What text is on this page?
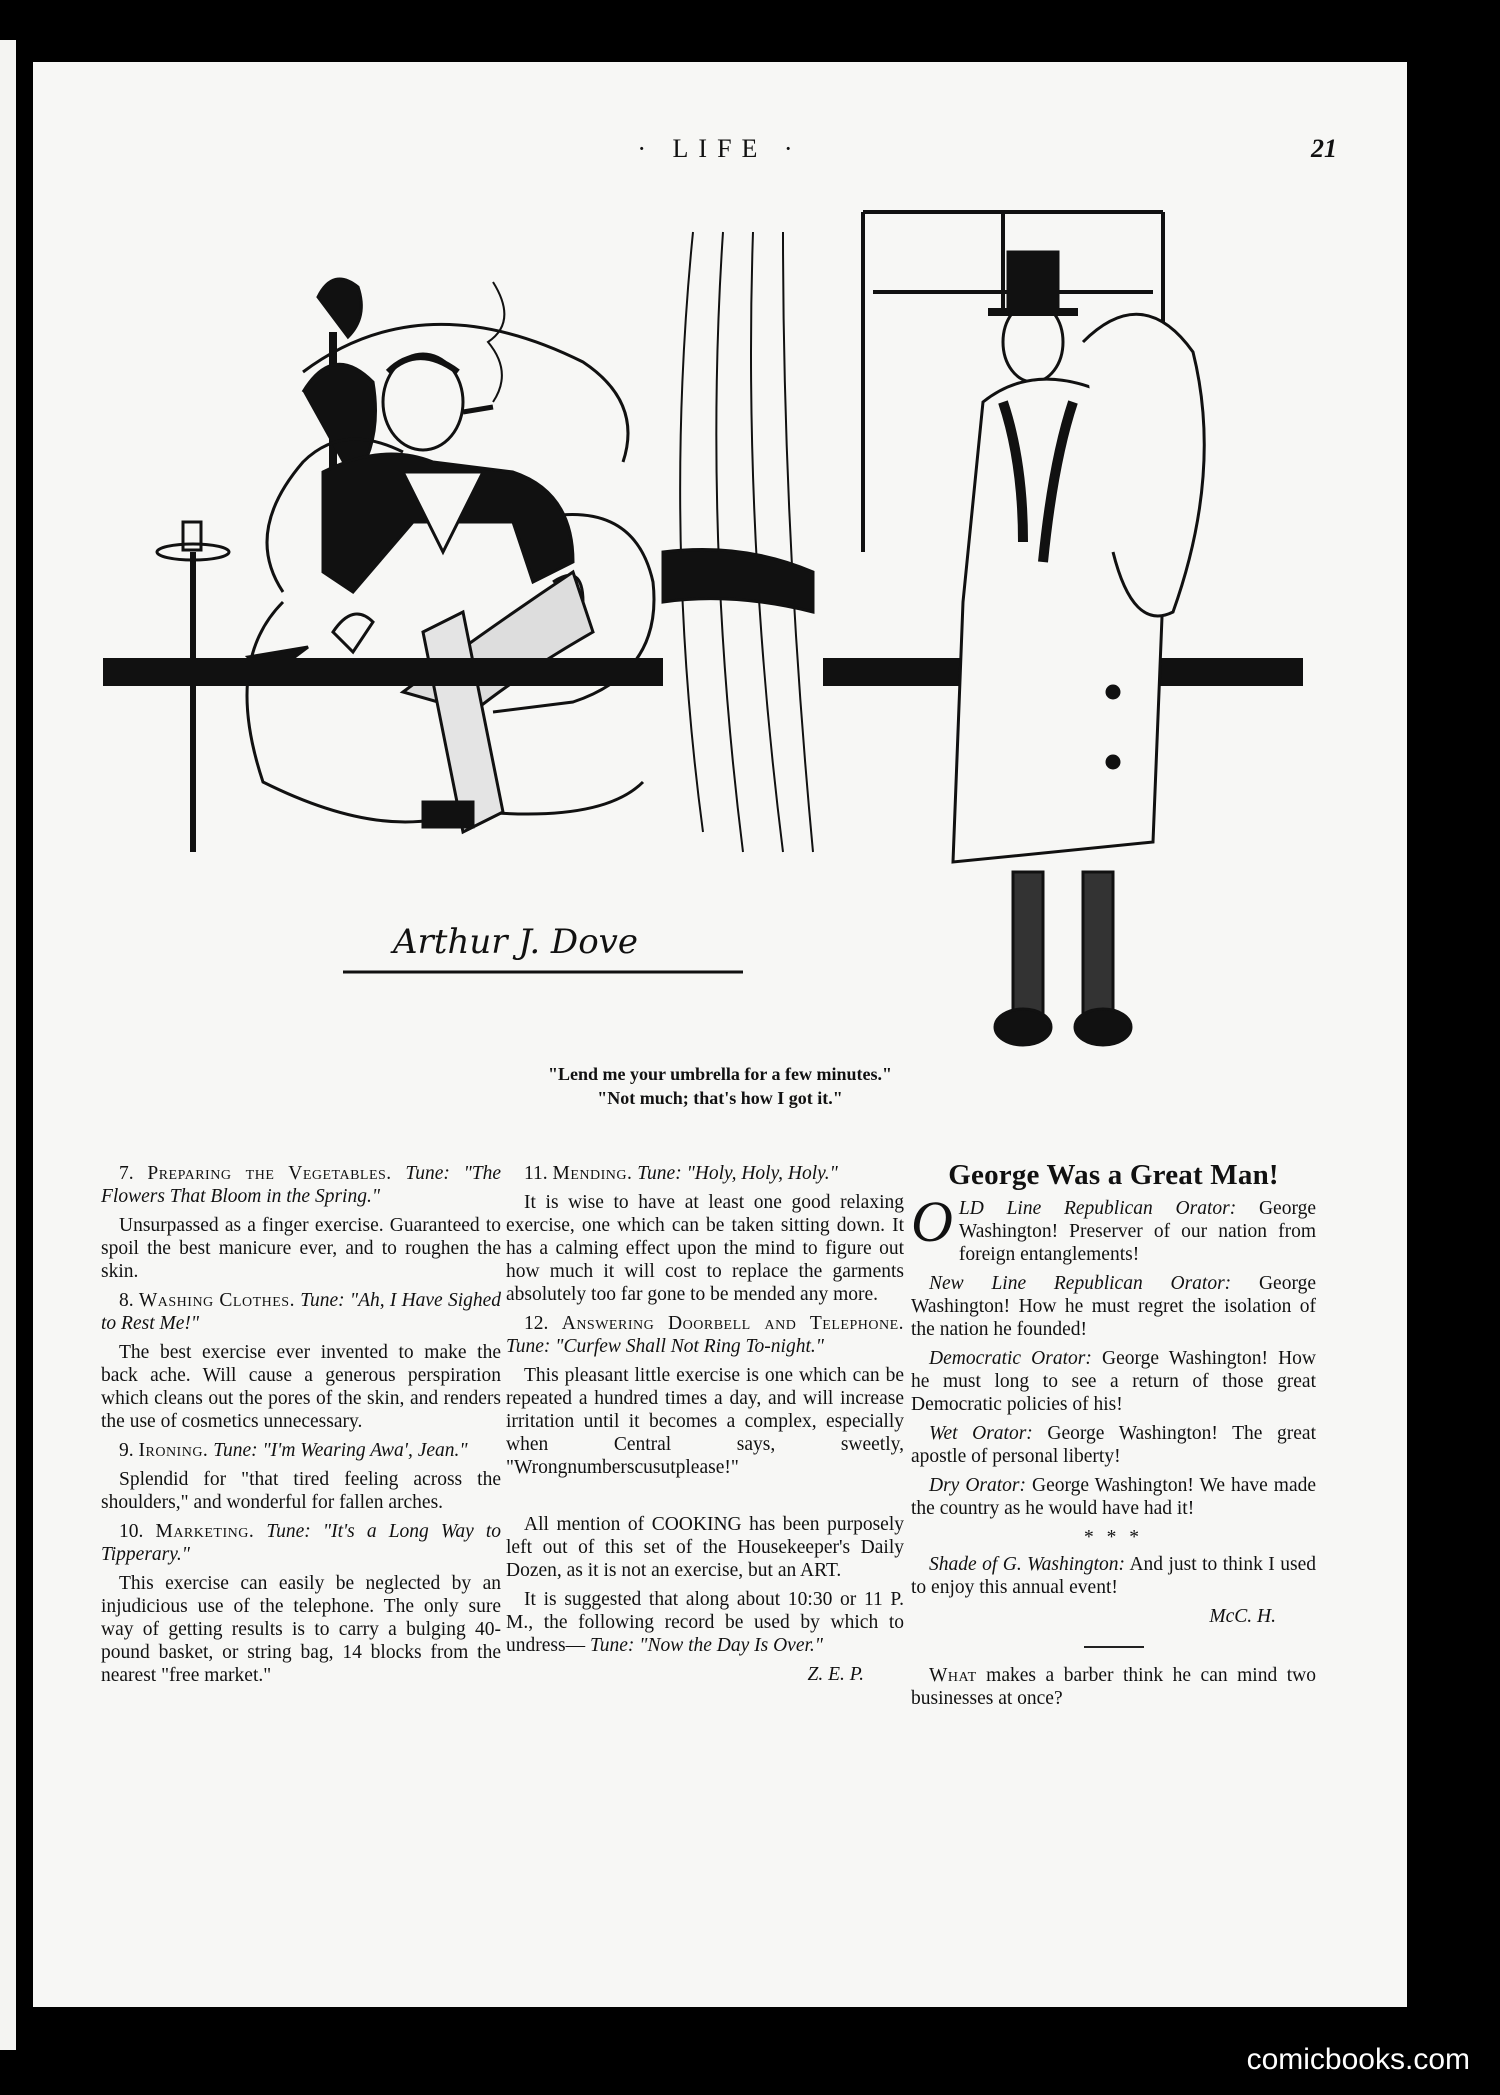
· LIFE ·	21
Arthur J. Dove
"Lend me your umbrella for a few minutes."
"Not much; that's how I got it."

7. Preparing the Vegetables. Tune: "The Flowers That Bloom in the Spring."

Unsurpassed as a finger exercise. Guaranteed to spoil the best manicure ever, and to roughen the skin.

8. Washing Clothes. Tune: "Ah, I Have Sighed to Rest Me!"

The best exercise ever invented to make the back ache. Will cause a generous perspiration which cleans out the pores of the skin, and renders the use of cosmetics unnecessary.

9. Ironing. Tune: "I'm Wearing Awa', Jean."

Splendid for "that tired feeling across the shoulders," and wonderful for fallen arches.

10. Marketing. Tune: "It's a Long Way to Tipperary."

This exercise can easily be neglected by an injudicious use of the telephone. The only sure way of getting results is to carry a bulging 40-pound basket, or string bag, 14 blocks from the nearest "free market."

11. Mending. Tune: "Holy, Holy, Holy."

It is wise to have at least one good relaxing exercise, one which can be taken sitting down. It has a calming effect upon the mind to figure out how much it will cost to replace the garments absolutely too far gone to be mended any more.

12. Answering Doorbell and Telephone. Tune: "Curfew Shall Not Ring To-night."

This pleasant little exercise is one which can be repeated a hundred times a day, and will increase irritation until it becomes a complex, especially when Central says, sweetly, "Wrongnumberscusutplease!"

All mention of COOKING has been purposely left out of this set of the Housekeeper's Daily Dozen, as it is not an exercise, but an ART.

It is suggested that along about 10:30 or 11 P. M., the following record be used by which to undress— Tune: "Now the Day Is Over."

Z. E. P.
George Was a Great Man!

OLD Line Republican Orator: George Washington! Preserver of our nation from foreign entanglements!

New Line Republican Orator: George Washington! How he must regret the isolation of the nation he founded!

Democratic Orator: George Washington! How he must long to see a return of those great Democratic policies of his!

Wet Orator: George Washington! The great apostle of personal liberty!

Dry Orator: George Washington! We have made the country as he would have had it!

* * *

Shade of G. Washington: And just to think I used to enjoy this annual event!

McC. H.

What makes a barber think he can mind two businesses at once?

comicbooks.com
